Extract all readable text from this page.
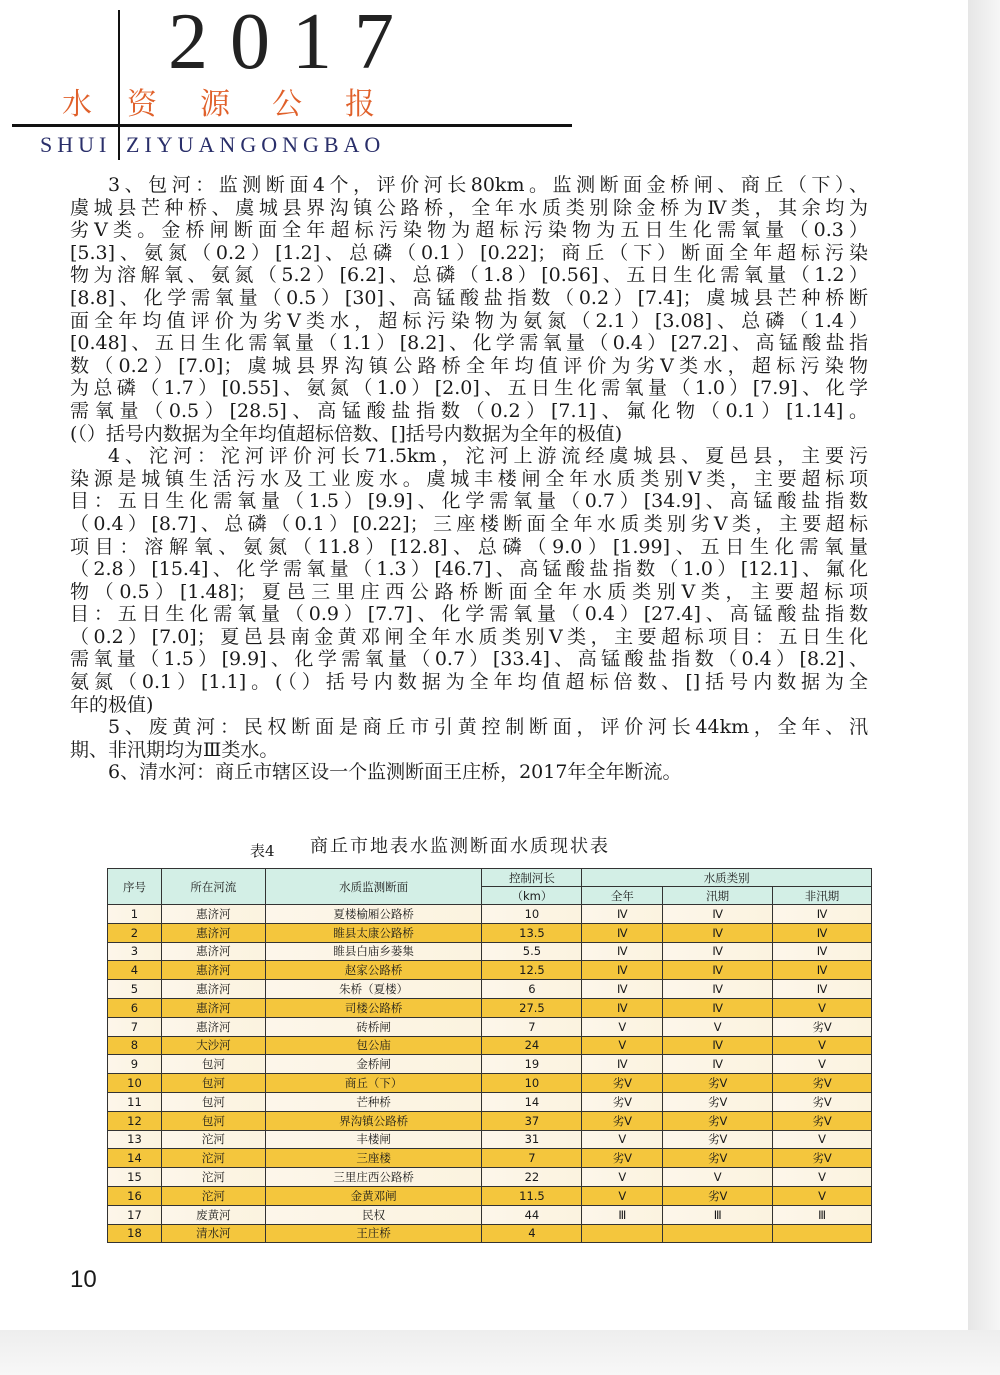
2017
水 资 源 公 报
SHUI ZIYUANGONGBAO
3、包河：监测断面4个，评价河长80km。监测断面金桥闸、商丘（下）、
虞城县芒种桥、虞城县界沟镇公路桥，全年水质类别除金桥为Ⅳ类，其余均为
劣Ⅴ类。金桥闸断面全年超标污染物为超标污染物为五日生化需氧量（0.3）
[5.3]、氨氮（0.2）[1.2]、总磷（0.1）[0.22]；商丘（下）断面全年超标污染
物为溶解氧、氨氮（5.2）[6.2]、总磷（1.8）[0.56]、五日生化需氧量（1.2）
[8.8]、化学需氧量（0.5）[30]、高锰酸盐指数（0.2）[7.4]；虞城县芒种桥断
面全年均值评价为劣Ⅴ类水，超标污染物为氨氮（2.1）[3.08]、总磷（1.4）
[0.48]、五日生化需氧量（1.1）[8.2]、化学需氧量（0.4）[27.2]、高锰酸盐指
数（0.2）[7.0]；虞城县界沟镇公路桥全年均值评价为劣Ⅴ类水，超标污染物
为总磷（1.7）[0.55]、氨氮（1.0）[2.0]、五日生化需氧量（1.0）[7.9]、化学
需氧量（0.5）[28.5]、高锰酸盐指数（0.2）[7.1]、氟化物（0.1）[1.14]。
(（）括号内数据为全年均值超标倍数、[]括号内数据为全年的极值)
4、沱河：沱河评价河长71.5km，沱河上游流经虞城县、夏邑县，主要污
染源是城镇生活污水及工业废水。虞城丰楼闸全年水质类别Ⅴ类，主要超标项
目：五日生化需氧量（1.5）[9.9]、化学需氧量（0.7）[34.9]、高锰酸盐指数
（0.4）[8.7]、总磷（0.1）[0.22]；三座楼断面全年水质类别劣Ⅴ类，主要超标
项目：溶解氧、氨氮（11.8）[12.8]、总磷（9.0）[1.99]、五日生化需氧量
（2.8）[15.4]、化学需氧量（1.3）[46.7]、高锰酸盐指数（1.0）[12.1]、氟化
物（0.5）[1.48]；夏邑三里庄西公路桥断面全年水质类别Ⅴ类，主要超标项
目：五日生化需氧量（0.9）[7.7]、化学需氧量（0.4）[27.4]、高锰酸盐指数
（0.2）[7.0]；夏邑县南金黄邓闸全年水质类别Ⅴ类，主要超标项目：五日生化
需氧量（1.5）[9.9]、化学需氧量（0.7）[33.4]、高锰酸盐指数（0.4）[8.2]、
氨氮（0.1）[1.1]。(（）括号内数据为全年均值超标倍数、[]括号内数据为全
年的极值)
5、废黄河：民权断面是商丘市引黄控制断面，评价河长44km，全年、汛
期、非汛期均为Ⅲ类水。
6、清水河：商丘市辖区设一个监测断面王庄桥，2017年全年断流。
表4 商丘市地表水监测断面水质现状表
序号	所在河流	水质监测断面	控制河长	水质类别		
			（km）	全年	汛期	非汛期
1	惠济河	夏楼榆厢公路桥	10	Ⅳ	Ⅳ	Ⅳ
2	惠济河	睢县太康公路桥	13.5	Ⅳ	Ⅳ	Ⅳ
3	惠济河	睢县白庙乡蒌集	5.5	Ⅳ	Ⅳ	Ⅳ
4	惠济河	赵家公路桥	12.5	Ⅳ	Ⅳ	Ⅳ
5	惠济河	朱桥（夏楼）	6	Ⅳ	Ⅳ	Ⅳ
6	惠济河	司楼公路桥	27.5	Ⅳ	Ⅳ	Ⅴ
7	惠济河	砖桥闸	7	Ⅴ	Ⅴ	劣Ⅴ
8	大沙河	包公庙	24	Ⅴ	Ⅳ	Ⅴ
9	包河	金桥闸	19	Ⅳ	Ⅳ	Ⅴ
10	包河	商丘（下）	10	劣Ⅴ	劣Ⅴ	劣Ⅴ
11	包河	芒种桥	14	劣Ⅴ	劣Ⅴ	劣Ⅴ
12	包河	界沟镇公路桥	37	劣Ⅴ	劣Ⅴ	劣Ⅴ
13	沱河	丰楼闸	31	Ⅴ	劣Ⅴ	Ⅴ
14	沱河	三座楼	7	劣Ⅴ	劣Ⅴ	劣Ⅴ
15	沱河	三里庄西公路桥	22	Ⅴ	Ⅴ	Ⅴ
16	沱河	金黄邓闸	11.5	Ⅴ	劣Ⅴ	Ⅴ
17	废黄河	民权	44	Ⅲ	Ⅲ	Ⅲ
18	清水河	王庄桥	4			
10
